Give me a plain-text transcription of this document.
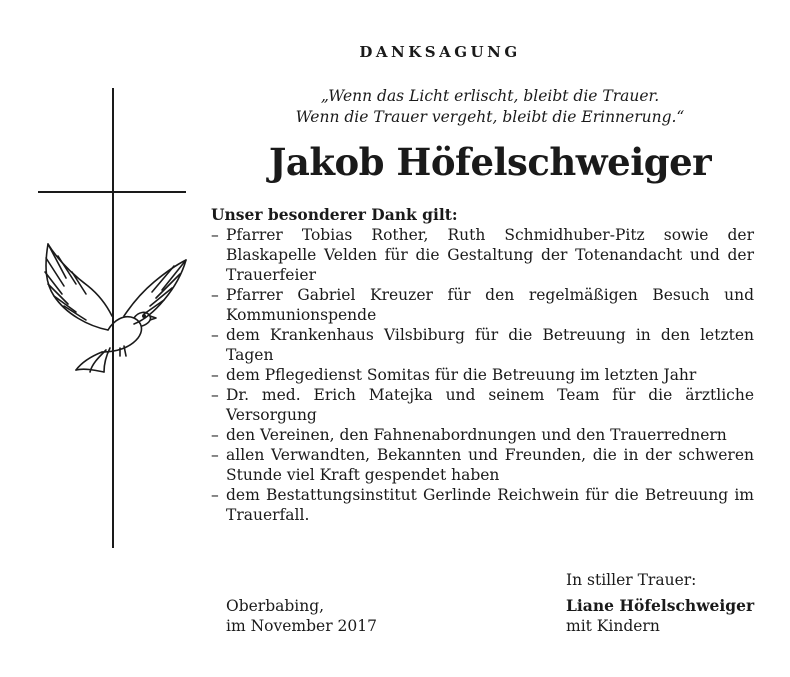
DANKSAGUNG
„Wenn das Licht erlischt, bleibt die Trauer.
Wenn die Trauer vergeht, bleibt die Erinnerung.“
Jakob Höfelschweiger
Unser besonderer Dank gilt:
– Pfarrer Tobias Rother, Ruth Schmidhuber-Pitz sowie der Blaskapelle Velden für die Gestaltung der Totenandacht und der Trauerfeier
– Pfarrer Gabriel Kreuzer für den regelmäßigen Besuch und Kommunionspende
– dem Krankenhaus Vilsbiburg für die Betreuung in den letzten Tagen
– dem Pflegedienst Somitas für die Betreuung im letzten Jahr
– Dr. med. Erich Matejka und seinem Team für die ärztliche Versorgung
– den Vereinen, den Fahnenabordnungen und den Trauerrednern
– allen Verwandten, Bekannten und Freunden, die in der schweren Stunde viel Kraft gespendet haben
– dem Bestattungsinstitut Gerlinde Reichwein für die Betreuung im Trauerfall.
Oberbabing,
im November 2017
In stiller Trauer:
Liane Höfelschweiger
mit Kindern
